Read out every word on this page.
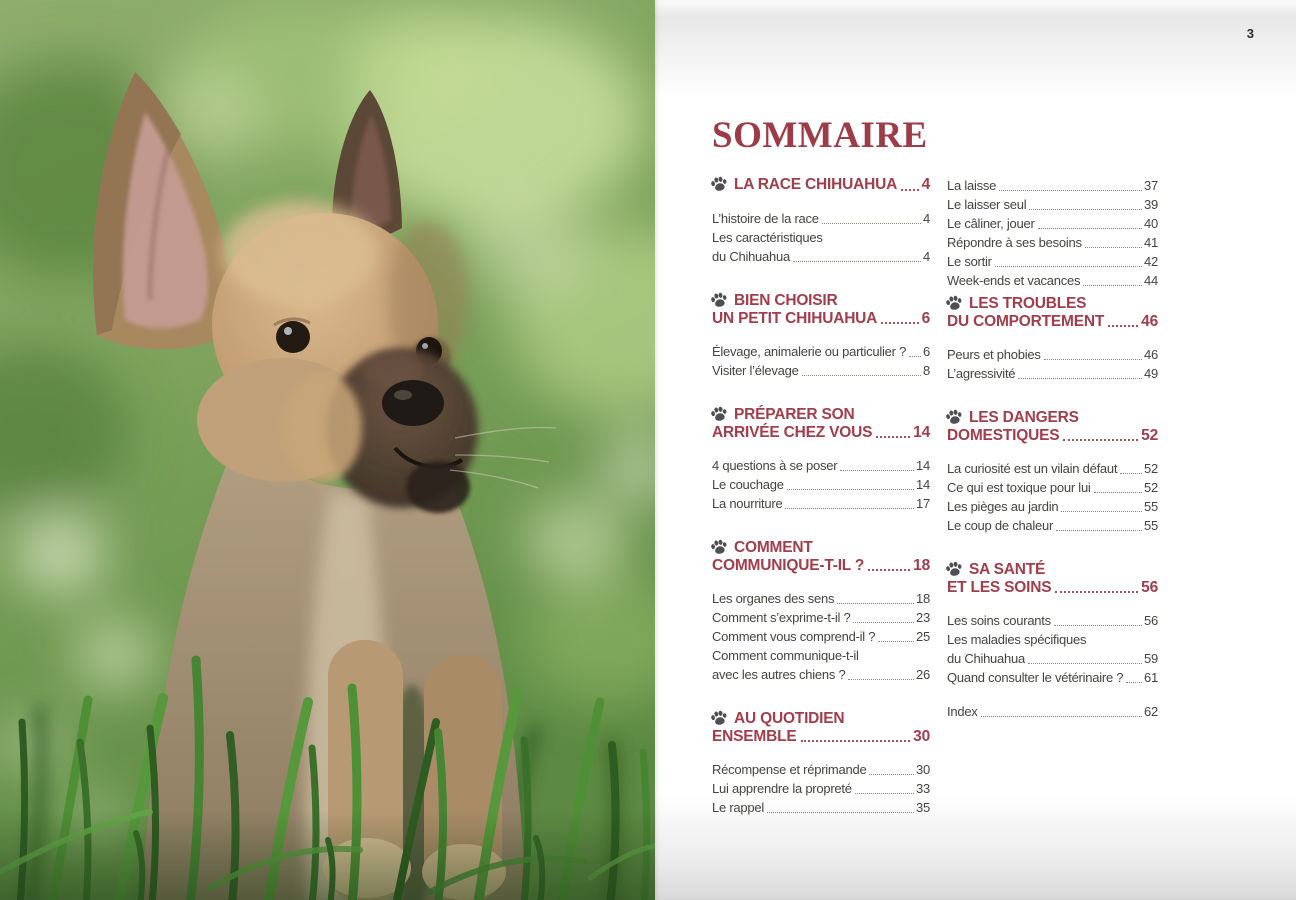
3
SOMMAIRE
LA RACE CHIHUAHUA 4
L’histoire de la race	4
Les caractéristiques
du Chihuahua	4
BIEN CHOISIR
UN PETIT CHIHUAHUA	6
Élevage, animalerie ou particulier ? 6
Visiter l’élevage	8
PRÉPARER SON
ARRIVÉE CHEZ VOUS	14
4 questions à se poser	14
Le couchage	14
La nourriture	17
COMMENT
COMMUNIQUE-T-IL ?	18
Les organes des sens	18
Comment s’exprime-t-il ?	23
Comment vous comprend-il ?	25
Comment communique-t-il
avec les autres chiens ?	26
AU QUOTIDIEN
ENSEMBLE	30
Récompense et réprimande	30
Lui apprendre la propreté	33
Le rappel	35
La laisse	37
Le laisser seul	39
Le câliner, jouer	40
Répondre à ses besoins	41
Le sortir	42
Week-ends et vacances	44
LES TROUBLES
DU COMPORTEMENT 46
Peurs et phobies	46
L’agressivité	49
LES DANGERS
DOMESTIQUES	52
La curiosité est un vilain défaut 52
Ce qui est toxique pour lui	52
Les pièges au jardin	55
Le coup de chaleur	55
SA SANTÉ
ET LES SOINS	56
Les soins courants	56
Les maladies spécifiques
du Chihuahua	59
Quand consulter le vétérinaire ? 61
Index	62
